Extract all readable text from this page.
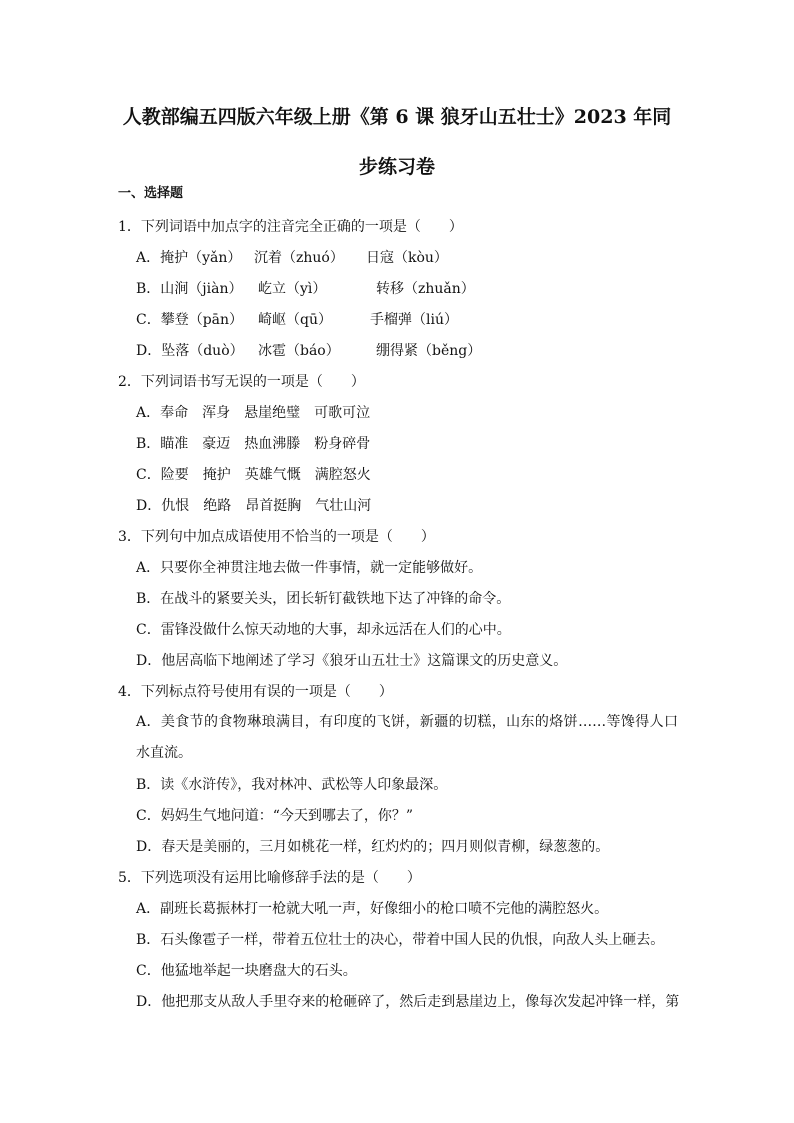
人教部编五四版六年级上册《第 6 课 狼牙山五壮士》2023 年同
步练习卷
一、选择题
1．下列词语中加点字的注音完全正确的一项是（　　）
A．掩护（yǎn） 沉着（zhuó） 日寇（kòu）
B．山涧（jiàn） 屹立（yì）	转移（zhuǎn）
C．攀登（pān） 崎岖（qū）	手榴弹（liú）
D．坠落（duò） 冰雹（báo）	绷得紧（běng）
2．下列词语书写无误的一项是（　　）
A．奉命　浑身　悬崖绝璧　可歌可泣
B．瞄准　豪迈　热血沸滕　粉身碎骨
C．险要　掩护　英雄气慨　满腔怒火
D．仇恨　绝路　昂首挺胸　气壮山河
3．下列句中加点成语使用不恰当的一项是（　　）
A．只要你全神贯注地去做一件事情，就一定能够做好。
B．在战斗的紧要关头，团长斩钉截铁地下达了冲锋的命令。
C．雷锋没做什么惊天动地的大事，却永远活在人们的心中。
D．他居高临下地阐述了学习《狼牙山五壮士》这篇课文的历史意义。
4．下列标点符号使用有误的一项是（　　）
A．美食节的食物琳琅满目，有印度的飞饼，新疆的切糕，山东的烙饼……等馋得人口水直流。
B．读《水浒传》，我对林冲、武松等人印象最深。
C．妈妈生气地问道：“今天到哪去了，你？”
D．春天是美丽的，三月如桃花一样，红灼灼的；四月则似青柳，绿葱葱的。
5．下列选项没有运用比喻修辞手法的是（　　）
A．副班长葛振林打一枪就大吼一声，好像细小的枪口喷不完他的满腔怒火。
B．石头像雹子一样，带着五位壮士的决心，带着中国人民的仇恨，向敌人头上砸去。
C．他猛地举起一块磨盘大的石头。
D．他把那支从敌人手里夺来的枪砸碎了，然后走到悬崖边上，像每次发起冲锋一样，第
